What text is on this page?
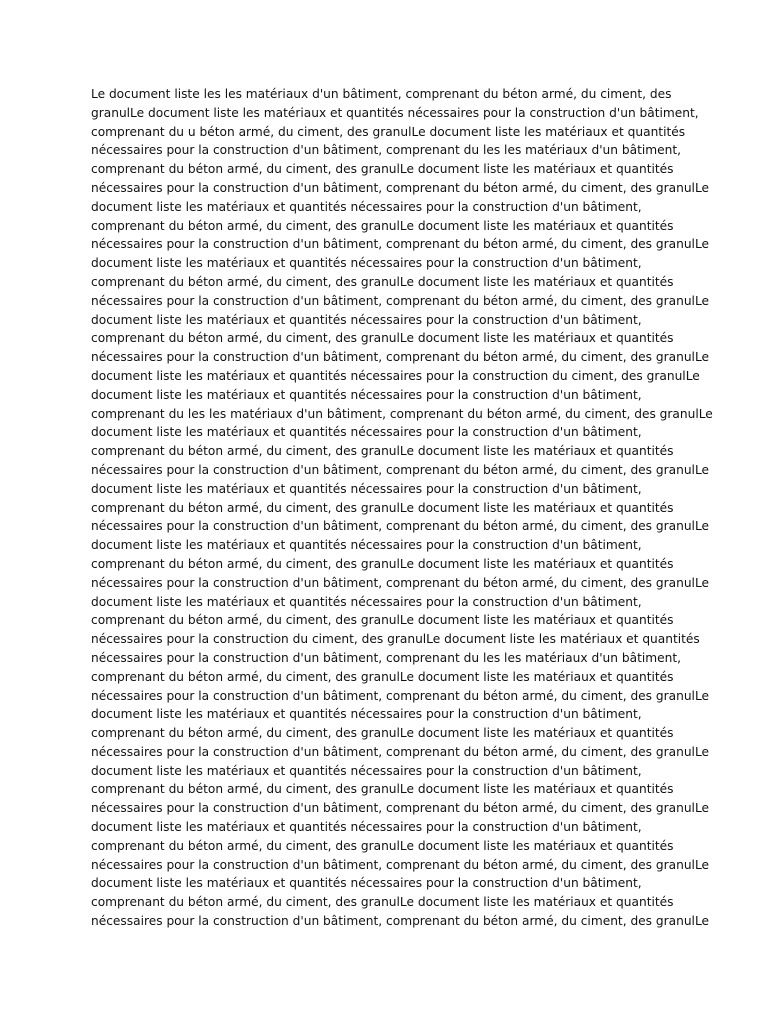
Le document liste les les matériaux d'un bâtiment, comprenant du béton armé, du ciment, des
granulLe document liste les matériaux et quantités nécessaires pour la construction d'un bâtiment,
comprenant du u béton armé, du ciment, des granulLe document liste les matériaux et quantités
nécessaires pour la construction d'un bâtiment, comprenant du les les matériaux d'un bâtiment,
comprenant du béton armé, du ciment, des granulLe document liste les matériaux et quantités
nécessaires pour la construction d'un bâtiment, comprenant du béton armé, du ciment, des granulLe
document liste les matériaux et quantités nécessaires pour la construction d'un bâtiment,
comprenant du béton armé, du ciment, des granulLe document liste les matériaux et quantités
nécessaires pour la construction d'un bâtiment, comprenant du béton armé, du ciment, des granulLe
document liste les matériaux et quantités nécessaires pour la construction d'un bâtiment,
comprenant du béton armé, du ciment, des granulLe document liste les matériaux et quantités
nécessaires pour la construction d'un bâtiment, comprenant du béton armé, du ciment, des granulLe
document liste les matériaux et quantités nécessaires pour la construction d'un bâtiment,
comprenant du béton armé, du ciment, des granulLe document liste les matériaux et quantités
nécessaires pour la construction d'un bâtiment, comprenant du béton armé, du ciment, des granulLe
document liste les matériaux et quantités nécessaires pour la construction du ciment, des granulLe
document liste les matériaux et quantités nécessaires pour la construction d'un bâtiment,
comprenant du les les matériaux d'un bâtiment, comprenant du béton armé, du ciment, des granulLe
document liste les matériaux et quantités nécessaires pour la construction d'un bâtiment,
comprenant du béton armé, du ciment, des granulLe document liste les matériaux et quantités
nécessaires pour la construction d'un bâtiment, comprenant du béton armé, du ciment, des granulLe
document liste les matériaux et quantités nécessaires pour la construction d'un bâtiment,
comprenant du béton armé, du ciment, des granulLe document liste les matériaux et quantités
nécessaires pour la construction d'un bâtiment, comprenant du béton armé, du ciment, des granulLe
document liste les matériaux et quantités nécessaires pour la construction d'un bâtiment,
comprenant du béton armé, du ciment, des granulLe document liste les matériaux et quantités
nécessaires pour la construction d'un bâtiment, comprenant du béton armé, du ciment, des granulLe
document liste les matériaux et quantités nécessaires pour la construction d'un bâtiment,
comprenant du béton armé, du ciment, des granulLe document liste les matériaux et quantités
nécessaires pour la construction du ciment, des granulLe document liste les matériaux et quantités
nécessaires pour la construction d'un bâtiment, comprenant du les les matériaux d'un bâtiment,
comprenant du béton armé, du ciment, des granulLe document liste les matériaux et quantités
nécessaires pour la construction d'un bâtiment, comprenant du béton armé, du ciment, des granulLe
document liste les matériaux et quantités nécessaires pour la construction d'un bâtiment,
comprenant du béton armé, du ciment, des granulLe document liste les matériaux et quantités
nécessaires pour la construction d'un bâtiment, comprenant du béton armé, du ciment, des granulLe
document liste les matériaux et quantités nécessaires pour la construction d'un bâtiment,
comprenant du béton armé, du ciment, des granulLe document liste les matériaux et quantités
nécessaires pour la construction d'un bâtiment, comprenant du béton armé, du ciment, des granulLe
document liste les matériaux et quantités nécessaires pour la construction d'un bâtiment,
comprenant du béton armé, du ciment, des granulLe document liste les matériaux et quantités
nécessaires pour la construction d'un bâtiment, comprenant du béton armé, du ciment, des granulLe
document liste les matériaux et quantités nécessaires pour la construction d'un bâtiment,
comprenant du béton armé, du ciment, des granulLe document liste les matériaux et quantités
nécessaires pour la construction d'un bâtiment, comprenant du béton armé, du ciment, des granulLe
